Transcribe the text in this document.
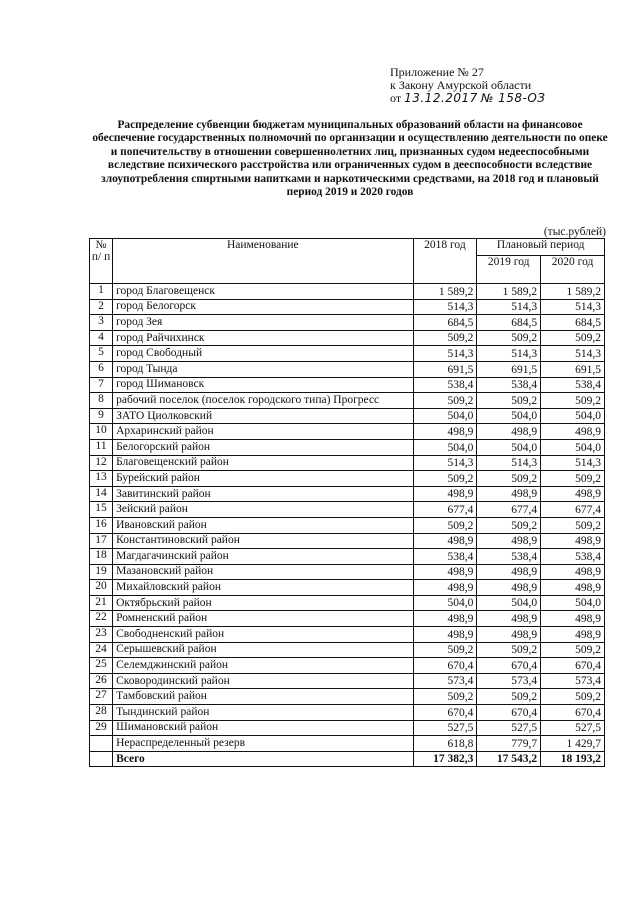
Приложение № 27
к Закону Амурской области
от 13.12.2017 № 158-ОЗ
Распределение субвенции бюджетам муниципальных образований области на финансовое обеспечение государственных полномочий по организации и осуществлению деятельности по опеке и попечительству в отношении совершеннолетних лиц, признанных судом недееспособными вследствие психического расстройства или ограниченных судом в дееспособности вследствие злоупотребления спиртными напитками и наркотическими средствами, на 2018 год и плановый период 2019 и 2020 годов
(тыс.рублей)
№ п/ п	Наименование	2018 год	Плановый период	
			2019 год	2020 год
1	город Благовещенск	1 589,2	1 589,2	1 589,2
2	город Белогорск	514,3	514,3	514,3
3	город Зея	684,5	684,5	684,5
4	город Райчихинск	509,2	509,2	509,2
5	город Свободный	514,3	514,3	514,3
6	город Тында	691,5	691,5	691,5
7	город Шимановск	538,4	538,4	538,4
8	рабочий поселок (поселок городского типа) Прогресс	509,2	509,2	509,2
9	ЗАТО Циолковский	504,0	504,0	504,0
10	Архаринский район	498,9	498,9	498,9
11	Белогорский район	504,0	504,0	504,0
12	Благовещенский район	514,3	514,3	514,3
13	Бурейский район	509,2	509,2	509,2
14	Завитинский район	498,9	498,9	498,9
15	Зейский район	677,4	677,4	677,4
16	Ивановский район	509,2	509,2	509,2
17	Константиновский район	498,9	498,9	498,9
18	Магдагачинский район	538,4	538,4	538,4
19	Мазановский район	498,9	498,9	498,9
20	Михайловский район	498,9	498,9	498,9
21	Октябрьский район	504,0	504,0	504,0
22	Ромненский район	498,9	498,9	498,9
23	Свободненский район	498,9	498,9	498,9
24	Серышевский район	509,2	509,2	509,2
25	Селемджинский район	670,4	670,4	670,4
26	Сковородинский район	573,4	573,4	573,4
27	Тамбовский район	509,2	509,2	509,2
28	Тындинский район	670,4	670,4	670,4
29	Шимановский район	527,5	527,5	527,5
	Нераспределенный резерв	618,8	779,7	1 429,7
	Всего	17 382,3	17 543,2	18 193,2
